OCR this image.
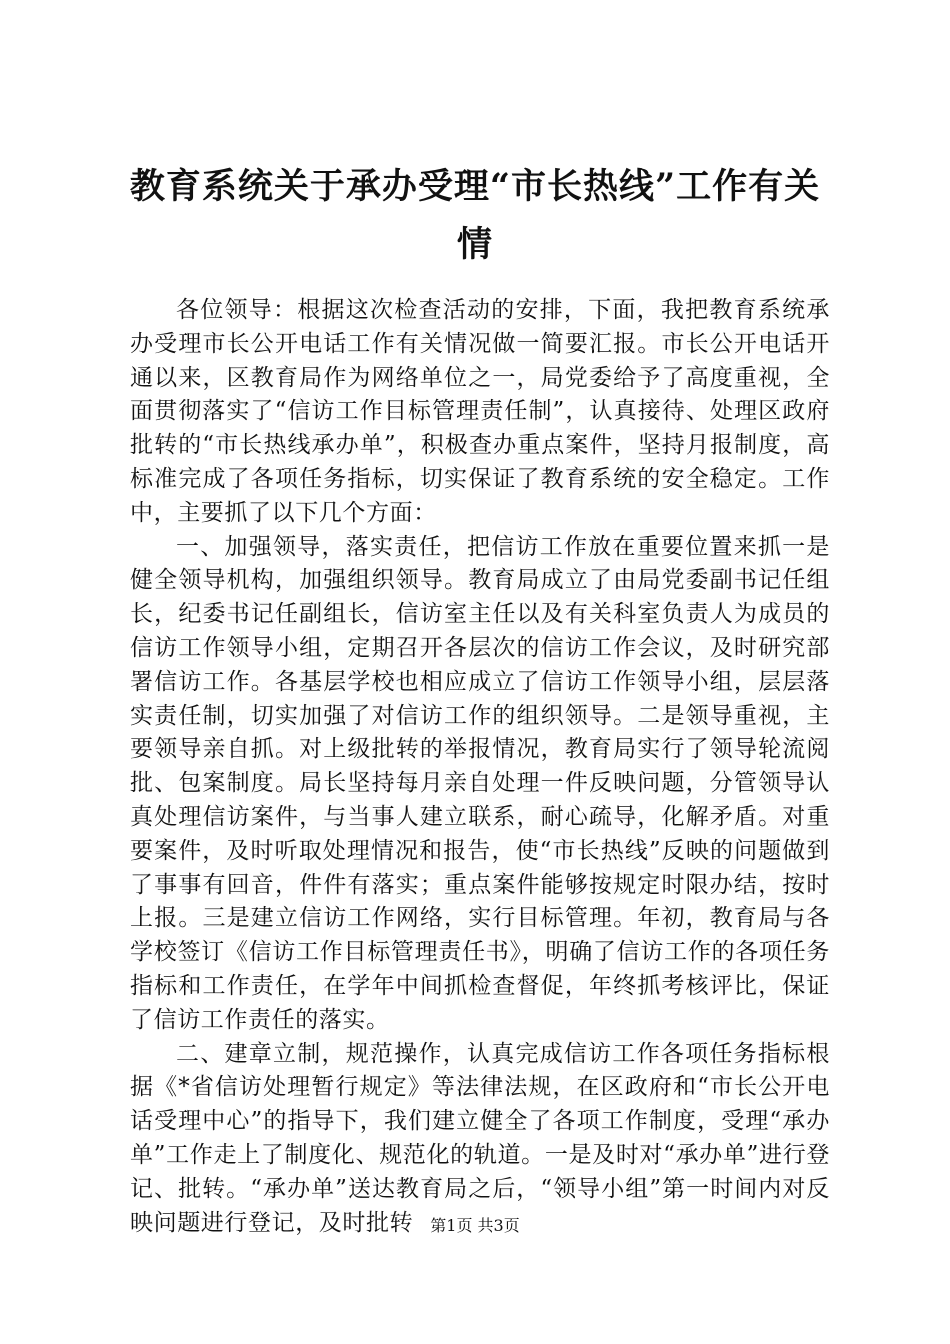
教育系统关于承办受理“市长热线”工作有关
情

各位领导：根据这次检查活动的安排，下面，我把教育系统承办受理市长公开电话工作有关情况做一简要汇报。市长公开电话开通以来，区教育局作为网络单位之一，局党委给予了高度重视，全面贯彻落实了“信访工作目标管理责任制”，认真接待、处理区政府批转的“市长热线承办单”，积极查办重点案件，坚持月报制度，高标准完成了各项任务指标，切实保证了教育系统的安全稳定。工作中，主要抓了以下几个方面：

一、加强领导，落实责任，把信访工作放在重要位置来抓一是健全领导机构，加强组织领导。教育局成立了由局党委副书记任组长，纪委书记任副组长，信访室主任以及有关科室负责人为成员的信访工作领导小组，定期召开各层次的信访工作会议，及时研究部署信访工作。各基层学校也相应成立了信访工作领导小组，层层落实责任制，切实加强了对信访工作的组织领导。二是领导重视，主要领导亲自抓。对上级批转的举报情况，教育局实行了领导轮流阅批、包案制度。局长坚持每月亲自处理一件反映问题，分管领导认真处理信访案件，与当事人建立联系，耐心疏导，化解矛盾。对重要案件，及时听取处理情况和报告，使“市长热线”反映的问题做到了事事有回音，件件有落实；重点案件能够按规定时限办结，按时上报。三是建立信访工作网络，实行目标管理。年初，教育局与各学校签订《信访工作目标管理责任书》，明确了信访工作的各项任务指标和工作责任，在学年中间抓检查督促，年终抓考核评比，保证了信访工作责任的落实。

二、建章立制，规范操作，认真完成信访工作各项任务指标根据《*省信访处理暂行规定》等法律法规，在区政府和“市长公开电话受理中心”的指导下，我们建立健全了各项工作制度，受理“承办单”工作走上了制度化、规范化的轨道。一是及时对“承办单”进行登记、批转。“承办单”送达教育局之后，“领导小组”第一时间内对反映问题进行登记，及时批转	第1页 共3页
